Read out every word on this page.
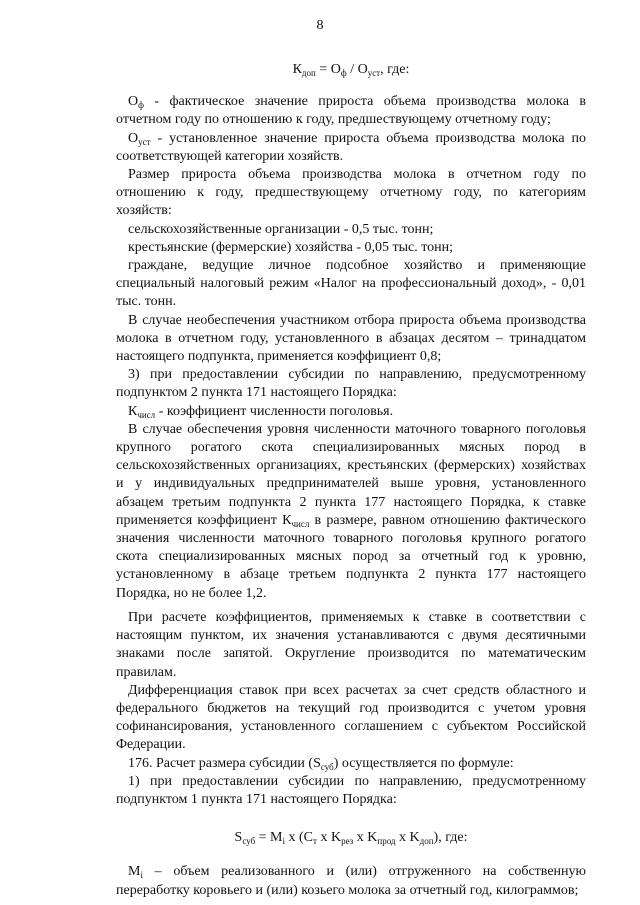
8

$К_{доп} = О_ф / О_{уст}$, где:

$О_ф$ - фактическое значение прироста объема производства молока в отчетном году по отношению к году, предшествующему отчетному году;

$О_{уст}$ - установленное значение прироста объема производства молока по соответствующей категории хозяйств.

Размер прироста объема производства молока в отчетном году по отношению к году, предшествующему отчетному году, по категориям хозяйств:

сельскохозяйственные организации - 0,5 тыс. тонн;

крестьянские (фермерские) хозяйства - 0,05 тыс. тонн;

граждане, ведущие личное подсобное хозяйство и применяющие специальный налоговый режим «Налог на профессиональный доход», - 0,01 тыс. тонн.

В случае необеспечения участником отбора прироста объема производства молока в отчетном году, установленного в абзацах десятом – тринадцатом настоящего подпункта, применяется коэффициент 0,8;

3) при предоставлении субсидии по направлению, предусмотренному подпунктом 2 пункта 171 настоящего Порядка:

$К_{числ}$ - коэффициент численности поголовья.

В случае обеспечения уровня численности маточного товарного поголовья крупного рогатого скота специализированных мясных пород в сельскохозяйственных организациях, крестьянских (фермерских) хозяйствах и у индивидуальных предпринимателей выше уровня, установленного абзацем третьим подпункта 2 пункта 177 настоящего Порядка, к ставке применяется коэффициент $К_{числ}$ в размере, равном отношению фактического значения численности маточного товарного поголовья крупного рогатого скота специализированных мясных пород за отчетный год к уровню, установленному в абзаце третьем подпункта 2 пункта 177 настоящего Порядка, но не более 1,2.

При расчете коэффициентов, применяемых к ставке в соответствии с настоящим пунктом, их значения устанавливаются с двумя десятичными знаками после запятой. Округление производится по математическим правилам.

Дифференциация ставок при всех расчетах за счет средств областного и федерального бюджетов на текущий год производится с учетом уровня софинансирования, установленного соглашением с субъектом Российской Федерации.

176. Расчет размера субсидии $(S_{суб})$ осуществляется по формуле:

1) при предоставлении субсидии по направлению, предусмотренному подпунктом 1 пункта 171 настоящего Порядка:

$S_{суб} = M_i$ x ($С_т$ x $K_{рез}$ x $K_{прод}$ x $K_{доп}$), где:

$M_i$ – объем реализованного и (или) отгруженного на собственную переработку коровьего и (или) козьего молока за отчетный год, килограммов;
